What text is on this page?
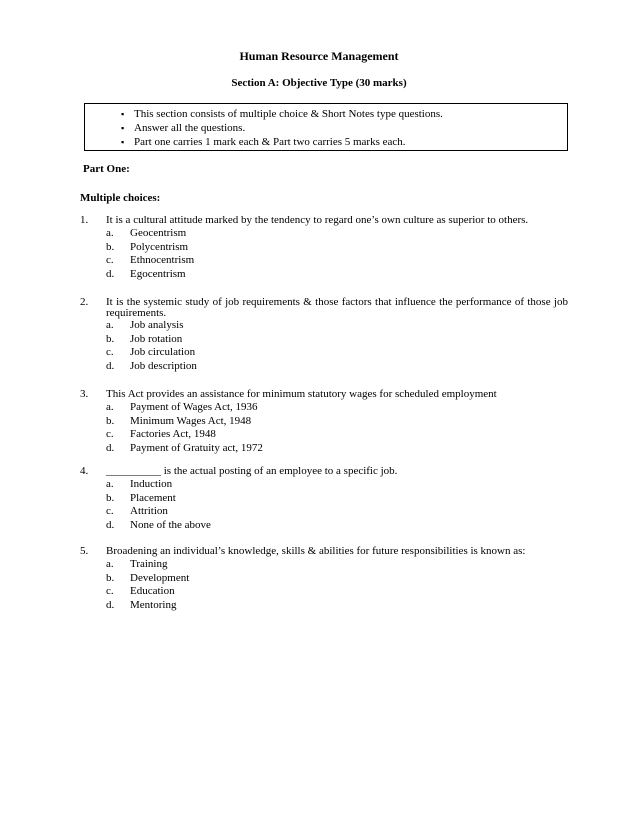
Human Resource Management
Section A: Objective Type (30 marks)
▪ This section consists of multiple choice & Short Notes type questions.
▪ Answer all the questions.
▪ Part one carries 1 mark each & Part two carries 5 marks each.
Part One:
Multiple choices:
1. It is a cultural attitude marked by the tendency to regard one’s own culture as superior to others.
a. Geocentrism
b. Polycentrism
c. Ethnocentrism
d. Egocentrism
2. It is the systemic study of job requirements & those factors that influence the performance of those job requirements.
a. Job analysis
b. Job rotation
c. Job circulation
d. Job description
3. This Act provides an assistance for minimum statutory wages for scheduled employment
a. Payment of Wages Act, 1936
b. Minimum Wages Act, 1948
c. Factories Act, 1948
d. Payment of Gratuity act, 1972
4. __________ is the actual posting of an employee to a specific job.
a. Induction
b. Placement
c. Attrition
d. None of the above
5. Broadening an individual’s knowledge, skills & abilities for future responsibilities is known as:
a. Training
b. Development
c. Education
d. Mentoring
